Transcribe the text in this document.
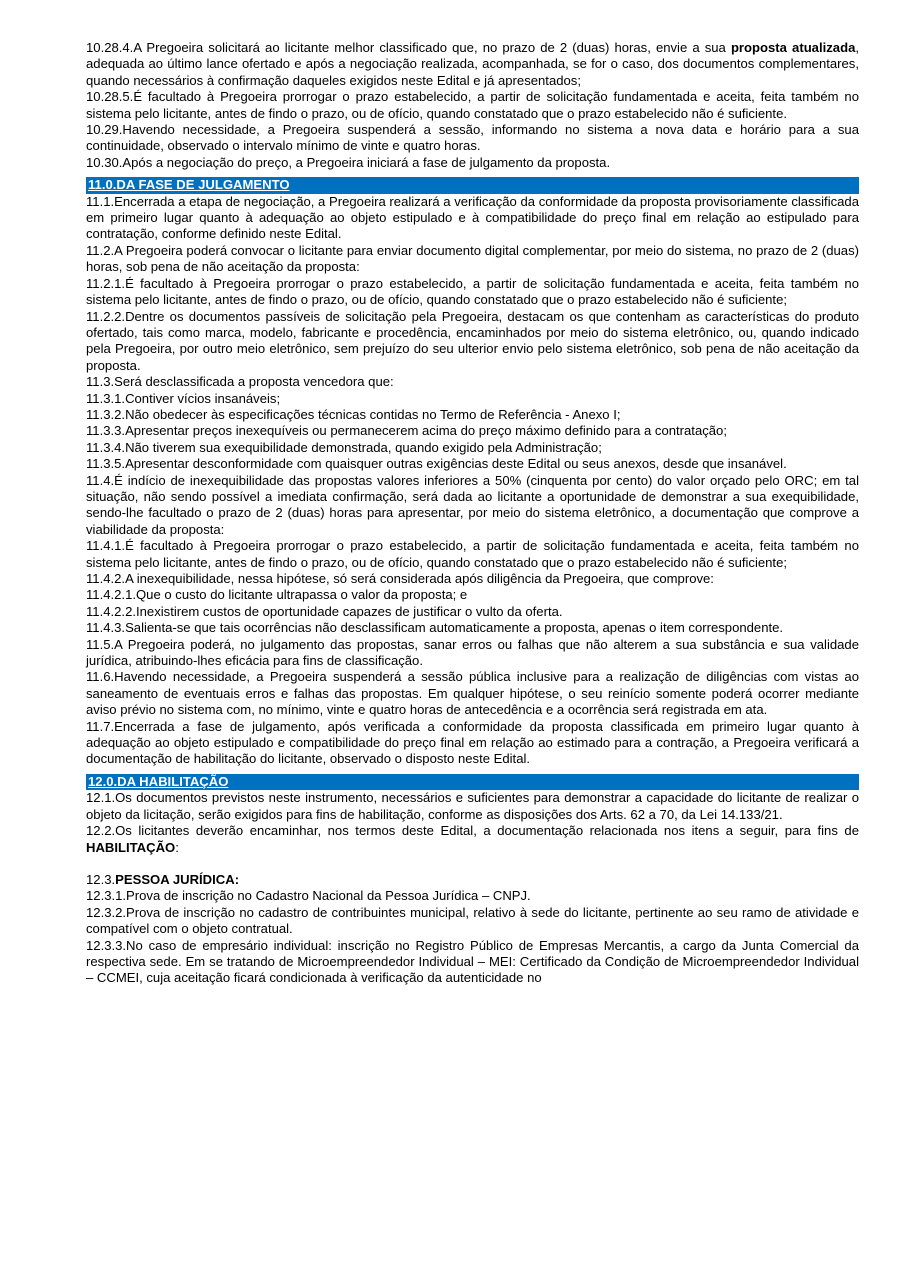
10.28.4.A Pregoeira solicitará ao licitante melhor classificado que, no prazo de 2 (duas) horas, envie a sua proposta atualizada, adequada ao último lance ofertado e após a negociação realizada, acompanhada, se for o caso, dos documentos complementares, quando necessários à confirmação daqueles exigidos neste Edital e já apresentados;

10.28.5.É facultado à Pregoeira prorrogar o prazo estabelecido, a partir de solicitação fundamentada e aceita, feita também no sistema pelo licitante, antes de findo o prazo, ou de ofício, quando constatado que o prazo estabelecido não é suficiente.

10.29.Havendo necessidade, a Pregoeira suspenderá a sessão, informando no sistema a nova data e horário para a sua continuidade, observado o intervalo mínimo de vinte e quatro horas.

10.30.Após a negociação do preço, a Pregoeira iniciará a fase de julgamento da proposta.

11.0.DA FASE DE JULGAMENTO

11.1.Encerrada a etapa de negociação, a Pregoeira realizará a verificação da conformidade da proposta provisoriamente classificada em primeiro lugar quanto à adequação ao objeto estipulado e à compatibilidade do preço final em relação ao estipulado para contratação, conforme definido neste Edital.

11.2.A Pregoeira poderá convocar o licitante para enviar documento digital complementar, por meio do sistema, no prazo de 2 (duas) horas, sob pena de não aceitação da proposta:

11.2.1.É facultado à Pregoeira prorrogar o prazo estabelecido, a partir de solicitação fundamentada e aceita, feita também no sistema pelo licitante, antes de findo o prazo, ou de ofício, quando constatado que o prazo estabelecido não é suficiente;

11.2.2.Dentre os documentos passíveis de solicitação pela Pregoeira, destacam os que contenham as características do produto ofertado, tais como marca, modelo, fabricante e procedência, encaminhados por meio do sistema eletrônico, ou, quando indicado pela Pregoeira, por outro meio eletrônico, sem prejuízo do seu ulterior envio pelo sistema eletrônico, sob pena de não aceitação da proposta.

11.3.Será desclassificada a proposta vencedora que:

11.3.1.Contiver vícios insanáveis;

11.3.2.Não obedecer às especificações técnicas contidas no Termo de Referência - Anexo I;

11.3.3.Apresentar preços inexequíveis ou permanecerem acima do preço máximo definido para a contratação;

11.3.4.Não tiverem sua exequibilidade demonstrada, quando exigido pela Administração;

11.3.5.Apresentar desconformidade com quaisquer outras exigências deste Edital ou seus anexos, desde que insanável.

11.4.É indício de inexequibilidade das propostas valores inferiores a 50% (cinquenta por cento) do valor orçado pelo ORC; em tal situação, não sendo possível a imediata confirmação, será dada ao licitante a oportunidade de demonstrar a sua exequibilidade, sendo-lhe facultado o prazo de 2 (duas) horas para apresentar, por meio do sistema eletrônico, a documentação que comprove a viabilidade da proposta:

11.4.1.É facultado à Pregoeira prorrogar o prazo estabelecido, a partir de solicitação fundamentada e aceita, feita também no sistema pelo licitante, antes de findo o prazo, ou de ofício, quando constatado que o prazo estabelecido não é suficiente;

11.4.2.A inexequibilidade, nessa hipótese, só será considerada após diligência da Pregoeira, que comprove:

11.4.2.1.Que o custo do licitante ultrapassa o valor da proposta; e

11.4.2.2.Inexistirem custos de oportunidade capazes de justificar o vulto da oferta.

11.4.3.Salienta-se que tais ocorrências não desclassificam automaticamente a proposta, apenas o item correspondente.

11.5.A Pregoeira poderá, no julgamento das propostas, sanar erros ou falhas que não alterem a sua substância e sua validade jurídica, atribuindo-lhes eficácia para fins de classificação.

11.6.Havendo necessidade, a Pregoeira suspenderá a sessão pública inclusive para a realização de diligências com vistas ao saneamento de eventuais erros e falhas das propostas. Em qualquer hipótese, o seu reinício somente poderá ocorrer mediante aviso prévio no sistema com, no mínimo, vinte e quatro horas de antecedência e a ocorrência será registrada em ata.

11.7.Encerrada a fase de julgamento, após verificada a conformidade da proposta classificada em primeiro lugar quanto à adequação ao objeto estipulado e compatibilidade do preço final em relação ao estimado para a contração, a Pregoeira verificará a documentação de habilitação do licitante, observado o disposto neste Edital.

12.0.DA HABILITAÇÃO

12.1.Os documentos previstos neste instrumento, necessários e suficientes para demonstrar a capacidade do licitante de realizar o objeto da licitação, serão exigidos para fins de habilitação, conforme as disposições dos Arts. 62 a 70, da Lei 14.133/21.

12.2.Os licitantes deverão encaminhar, nos termos deste Edital, a documentação relacionada nos itens a seguir, para fins de HABILITAÇÃO:

12.3.PESSOA JURÍDICA:

12.3.1.Prova de inscrição no Cadastro Nacional da Pessoa Jurídica – CNPJ.

12.3.2.Prova de inscrição no cadastro de contribuintes municipal, relativo à sede do licitante, pertinente ao seu ramo de atividade e compatível com o objeto contratual.

12.3.3.No caso de empresário individual: inscrição no Registro Público de Empresas Mercantis, a cargo da Junta Comercial da respectiva sede. Em se tratando de Microempreendedor Individual – MEI: Certificado da Condição de Microempreendedor Individual – CCMEI, cuja aceitação ficará condicionada à verificação da autenticidade no
